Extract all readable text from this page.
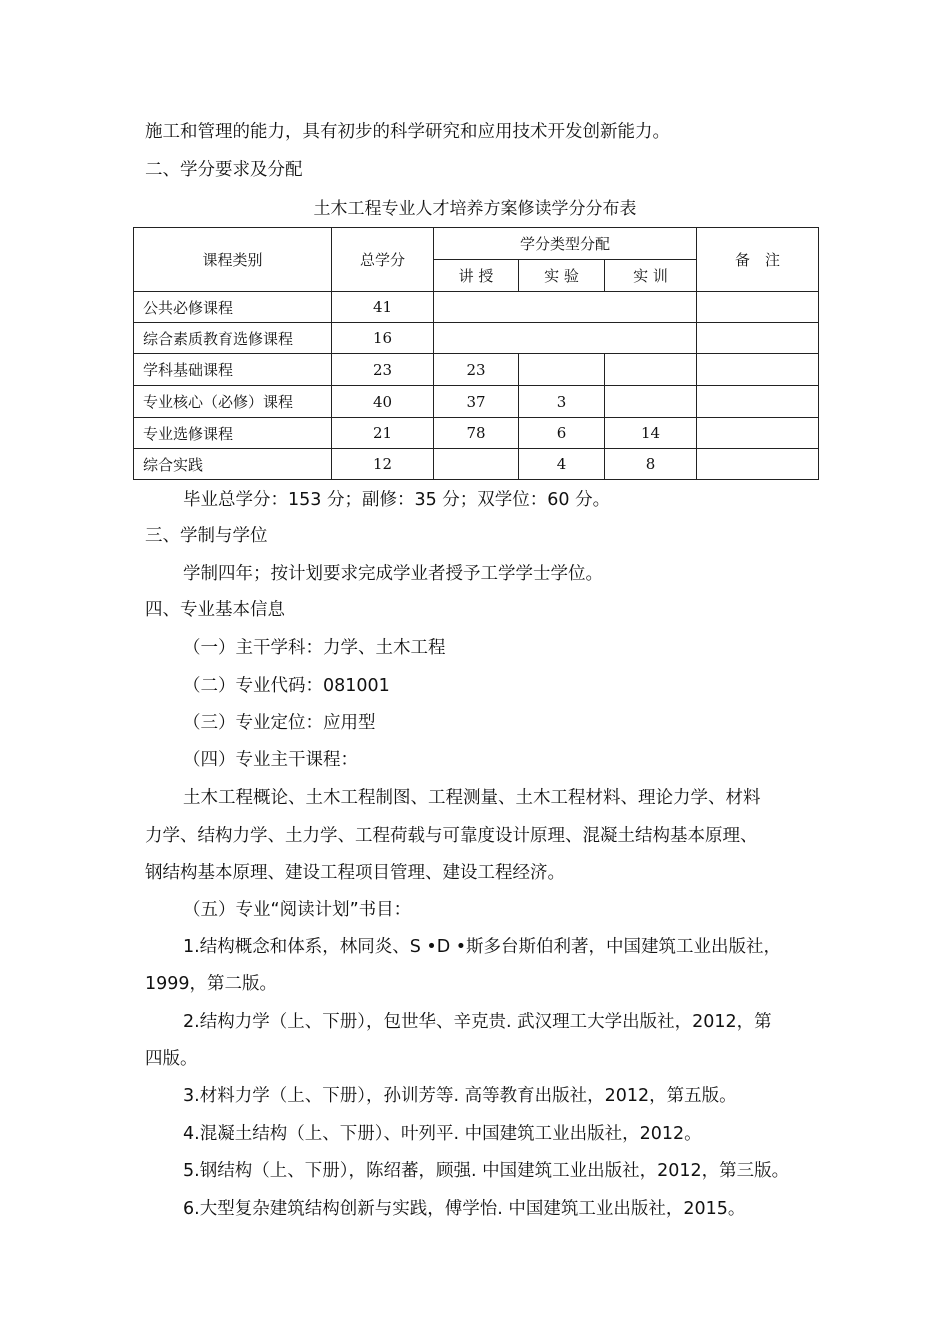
施工和管理的能力，具有初步的科学研究和应用技术开发创新能力。
二、学分要求及分配
土木工程专业人才培养方案修读学分分布表
课程类别	总学分	学分类型分配			备　注
		讲 授	实 验	实 训	
公共必修课程	41				
综合素质教育选修课程	16				
学科基础课程	23	23			
专业核心（必修）课程	40	37	3		
专业选修课程	21	78	6	14	
综合实践	12		4	8	
毕业总学分：153 分；副修：35 分；双学位：60 分。
三、学制与学位
学制四年；按计划要求完成学业者授予工学学士学位。
四、专业基本信息
（一）主干学科：力学、土木工程
（二）专业代码：081001
（三）专业定位：应用型
（四）专业主干课程：
土木工程概论、土木工程制图、工程测量、土木工程材料、理论力学、材料
力学、结构力学、土力学、工程荷载与可靠度设计原理、混凝土结构基本原理、
钢结构基本原理、建设工程项目管理、建设工程经济。
（五）专业“阅读计划”书目：
1.结构概念和体系，林同炎、S •D •斯多台斯伯利著，中国建筑工业出版社，
1999，第二版。
2.结构力学（上、下册），包世华、辛克贵. 武汉理工大学出版社，2012，第
四版。
3.材料力学（上、下册），孙训芳等. 高等教育出版社，2012，第五版。
4.混凝土结构（上、下册）、叶列平. 中国建筑工业出版社，2012。
5.钢结构（上、下册），陈绍蕃，顾强. 中国建筑工业出版社，2012，第三版。
6.大型复杂建筑结构创新与实践，傅学怡. 中国建筑工业出版社，2015。
